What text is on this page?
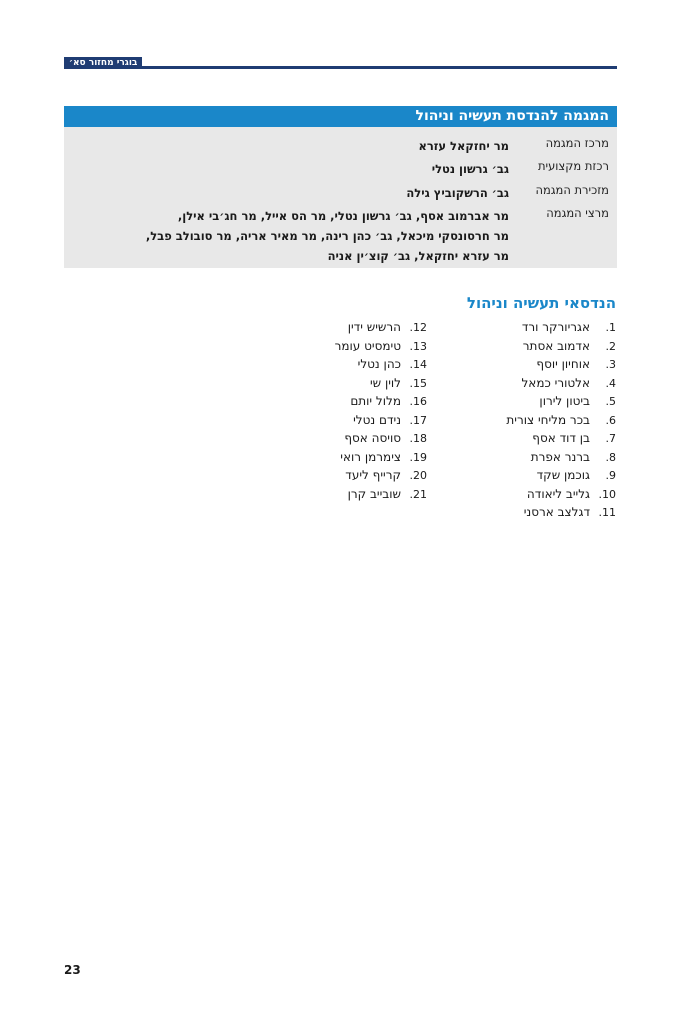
בוגרי מחזור סא׳
המגמה להנדסת תעשיה וניהול
מרכז המגמה
מר יחזקאל עזרא
רכזת מקצועית
גב׳ גרשון נטלי
מזכירת המגמה
גב׳ הרשקוביץ גילה
מרצי המגמה
מר אברמוב אסף, גב׳ גרשון נטלי, מר הס אייל, מר חג׳בי אילן,
מר חרסונסקי מיכאל, גב׳ כהן רינה, מר מאיר אריה, מר סובולב פבל,
מר עזרא יחזקאל, גב׳ קוצ׳ין אניה
הנדסאי תעשיה וניהול
1.אגריורקר ורד
2.אדמוב אסתר
3.אוחיון יוסף
4.אלטורי כמאל
5.ביטון לירון
6.בכר מליחי צורית
7.בן דוד אסף
8.ברנר אפרת
9.גוכמן שקד
10.גלייב ליאודה
11.דגלצב ארסני
12.הרשיש ידין
13.טימסיט עומר
14.כהן נטלי
15.לוין שי
16.מלול יותם
17.נידם נטלי
18.סויסה אסף
19.צימרמן רואי
20.קרייף ליעד
21.שובייב קרן
23
